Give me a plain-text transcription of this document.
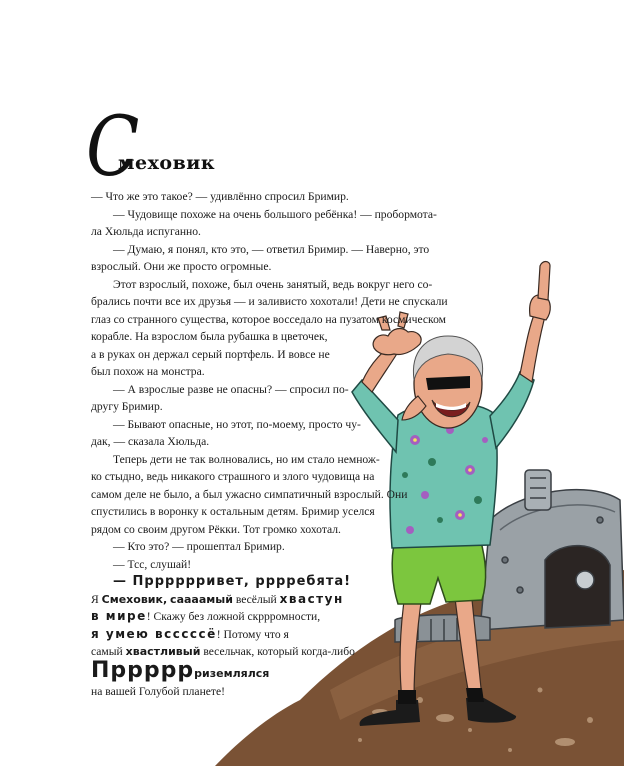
С
меховик
— Что же это такое? — удивлённо спросил Бримир.
— Чудовище похоже на очень большого ребёнка! — пробормота-
ла Хюльда испуганно.
— Думаю, я понял, кто это, — ответил Бримир. — Наверно, это
взрослый. Они же просто огромные.
Этот взрослый, похоже, был очень занятый, ведь вокруг него со-
брались почти все их друзья — и заливисто хохотали! Дети не спускали
глаз со странного существа, которое восседало на пузатом космическом
корабле. На взрослом была рубашка в цветочек,
а в руках он держал серый портфель. И вовсе не
был похож на монстра.
— А взрослые разве не опасны? — спросил по-
другу Бримир.
— Бывают опасные, но этот, по-моему, просто чу-
дак, — сказала Хюльда.
Теперь дети не так волновались, но им стало немнож-
ко стыдно, ведь никакого страшного и злого чудовища на
самом деле не было, а был ужасно симпатичный взрослый. Они
спустились в воронку к остальным детям. Бримир уселся
рядом со своим другом Рёкки. Тот громко хохотал.
— Кто это? — прошептал Бримир.
— Тсс, слушай!
— Прррррривет, рррребята!
Я Смеховик, саааамый весёлый хвастун
в мире! Скажу без ложной скррромности,
я умею всссссё! Потому что я
самый хвастливый весельчак, который когда-либо
Прррррриземлялся
на вашей Голубой планете!
